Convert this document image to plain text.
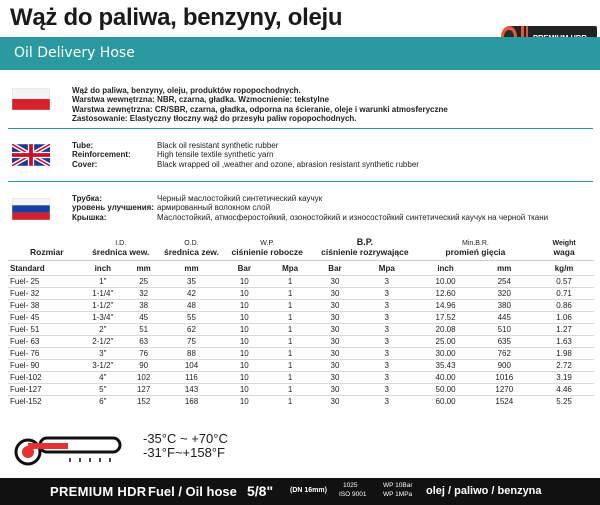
Wąż do paliwa, benzyny, oleju
Oil Delivery Hose
Wąż do paliwa, benzyny, oleju, produktów ropopochodnych.
Warstwa wewnętrzna: NBR, czarna, gładka. Wzmocnienie: tekstylne
Warstwa zewnętrzna: CR/SBR, czarna, gładka, odporna na ścieranie, oleje i warunki atmosferyczne
Zastosowanie: Elastyczny tłoczny wąż do przesyłu paliw ropopochodnych.
Tube:	Black oil resistant synthetic rubber
Reinforcement:	High tensile textile synthetic yarn
Cover:	Black wrapped oil ,weather and ozone, abrasion resistant synthetic rubber
Трубка:	Черный маслостойкий синтетический каучук
уровень улучшения: армированный волокном слой
Крышка:	Маслостойкий, атмосферостойкий, озоностойкий и износостойкий синтетический каучук на черной ткани
	I.D.		O.D.	W.P.		B.P.		Min.B.R.		Weight
Rozmiar	średnica wew.		średnica zew.	ciśnienie robocze		ciśnienie rozrywające		promień gięcia		waga
Standard	inch	mm	mm	Bar	Mpa	Bar	Mpa	inch	mm	kg/m
Fuel- 25	1"	25	35	10	1	30	3	10.00	254	0.57
Fuel- 32	1-1/4"	32	42	10	1	30	3	12.60	320	0.71
Fuel- 38	1-1/2"	38	48	10	1	30	3	14.96	380	0.86
Fuel- 45	1-3/4"	45	55	10	1	30	3	17.52	445	1.06
Fuel- 51	2"	51	62	10	1	30	3	20.08	510	1.27
Fuel- 63	2-1/2"	63	75	10	1	30	3	25.00	635	1.63
Fuel- 76	3"	76	88	10	1	30	3	30.00	762	1.98
Fuel- 90	3-1/2"	90	104	10	1	30	3	35.43	900	2.72
Fuel-102	4"	102	116	10	1	30	3	40.00	1016	3.19
Fuel-127	5"	127	143	10	1	30	3	50.00	1270	4.46
Fuel-152	6"	152	168	10	1	30	3	60.00	1524	5.25
-35°C ~ +70°C
-31°F~+158°F
PREMIUM HDR Fuel / Oil hose 5/8" (DN 16mm)
1025
ISO 9001
WP 10Bar
WP 1MPa olej / paliwo / benzyna
